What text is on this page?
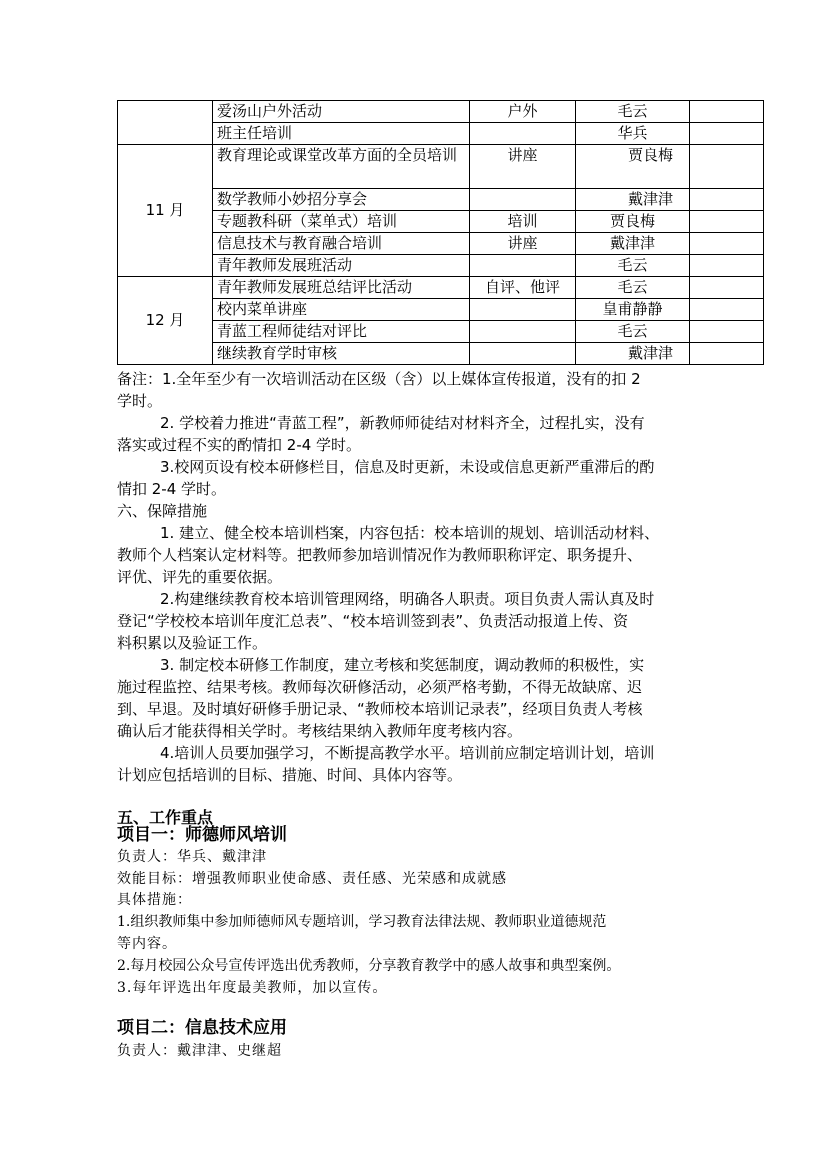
	爱汤山户外活动	户外	毛云	
	班主任培训		华兵	
11 月	教育理论或课堂改革方面的全员培训	讲座	贾良梅	
	数学教师小妙招分享会		戴津津	
	专题教科研（菜单式）培训	培训	贾良梅	
	信息技术与教育融合培训	讲座	戴津津	
	青年教师发展班活动		毛云	
12 月	青年教师发展班总结评比活动	自评、他评	毛云	
	校内菜单讲座		皇甫静静	
	青蓝工程师徒结对评比		毛云	
	继续教育学时审核		戴津津	
备注：1.全年至少有一次培训活动在区级（含）以上媒体宣传报道，没有的扣 2
学时。
2. 学校着力推进“青蓝工程”，新教师师徒结对材料齐全，过程扎实，没有
落实或过程不实的酌情扣 2-4 学时。
3.校网页设有校本研修栏目，信息及时更新，未设或信息更新严重滞后的酌
情扣 2-4 学时。
六、保障措施
1. 建立、健全校本培训档案，内容包括：校本培训的规划、培训活动材料、
教师个人档案认定材料等。把教师参加培训情况作为教师职称评定、职务提升、
评优、评先的重要依据。
2.构建继续教育校本培训管理网络，明确各人职责。项目负责人需认真及时
登记“学校校本培训年度汇总表”、“校本培训签到表”、负责活动报道上传、资
料积累以及验证工作。
3. 制定校本研修工作制度，建立考核和奖惩制度，调动教师的积极性，实
施过程监控、结果考核。教师每次研修活动，必须严格考勤，不得无故缺席、迟
到、早退。及时填好研修手册记录、“教师校本培训记录表”，经项目负责人考核
确认后才能获得相关学时。考核结果纳入教师年度考核内容。
4.培训人员要加强学习，不断提高教学水平。培训前应制定培训计划，培训
计划应包括培训的目标、措施、时间、具体内容等。
五、工作重点
项目一：师德师风培训
负责人：华兵、戴津津
效能目标：增强教师职业使命感、责任感、光荣感和成就感
具体措施：
1.组织教师集中参加师德师风专题培训，学习教育法律法规、教师职业道德规范
等内容。
2.每月校园公众号宣传评选出优秀教师，分享教育教学中的感人故事和典型案例。
3.每年评选出年度最美教师，加以宣传。
项目二：信息技术应用
负责人：戴津津、史继超
